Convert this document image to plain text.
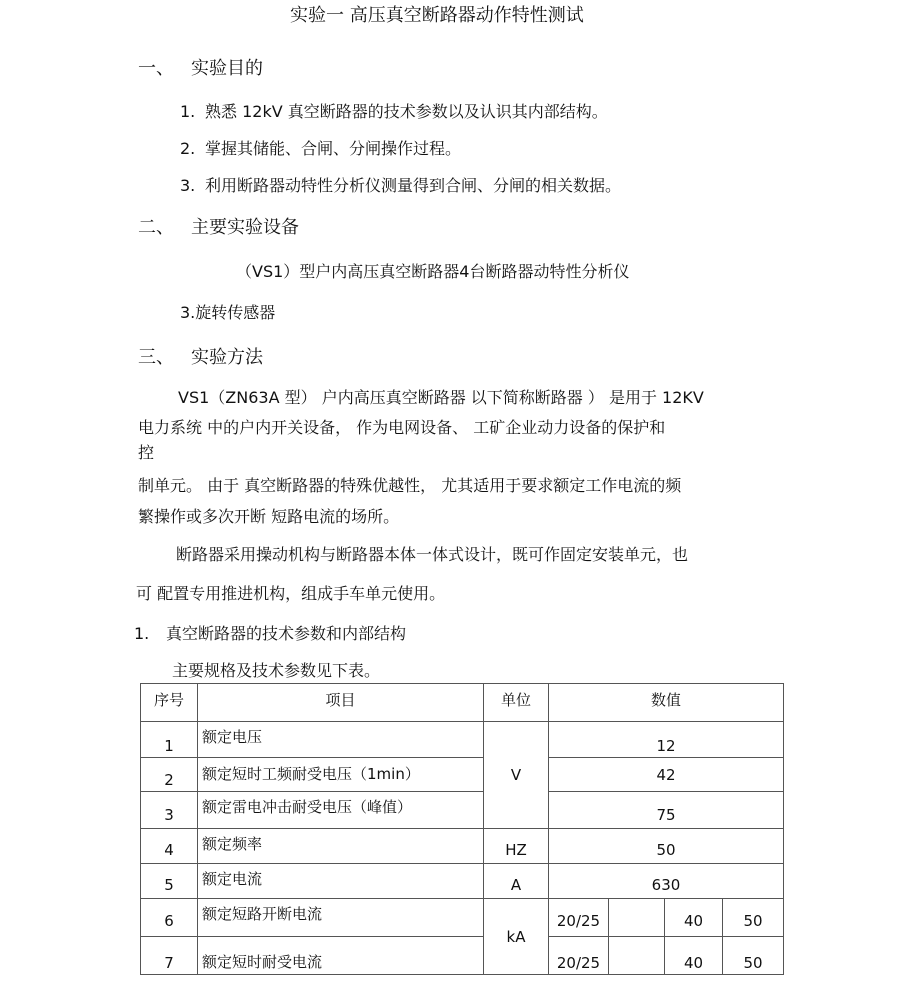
实验一 高压真空断路器动作特性测试
一、 实验目的
1. 熟悉 12kV 真空断路器的技术参数以及认识其内部结构。
2. 掌握其储能、合闸、分闸操作过程。
3. 利用断路器动特性分析仪测量得到合闸、分闸的相关数据。
二、 主要实验设备
（VS1）型户内高压真空断路器4台断路器动特性分析仪
3.旋转传感器
三、 实验方法
VS1（ZN63A 型） 户内高压真空断路器 以下简称断路器 ） 是用于 12KV
电力系统 中的户内开关设备， 作为电网设备、 工矿企业动力设备的保护和
控
制单元。 由于 真空断路器的特殊优越性， 尤其适用于要求额定工作电流的频
繁操作或多次开断 短路电流的场所。
断路器采用操动机构与断路器本体一体式设计，既可作固定安装单元，也
可 配置专用推进机构，组成手车单元使用。
1. 真空断路器的技术参数和内部结构
主要规格及技术参数见下表。
序号	项目	单位	数值			
1	额定电压	V	12			
2	额定短时工频耐受电压（1min）		42			
3	额定雷电冲击耐受电压（峰值）		75			
4	额定频率	HZ	50			
5	额定电流	A	630			
6	额定短路开断电流	kA	20/25		40	50
7	额定短时耐受电流		20/25		40	50
